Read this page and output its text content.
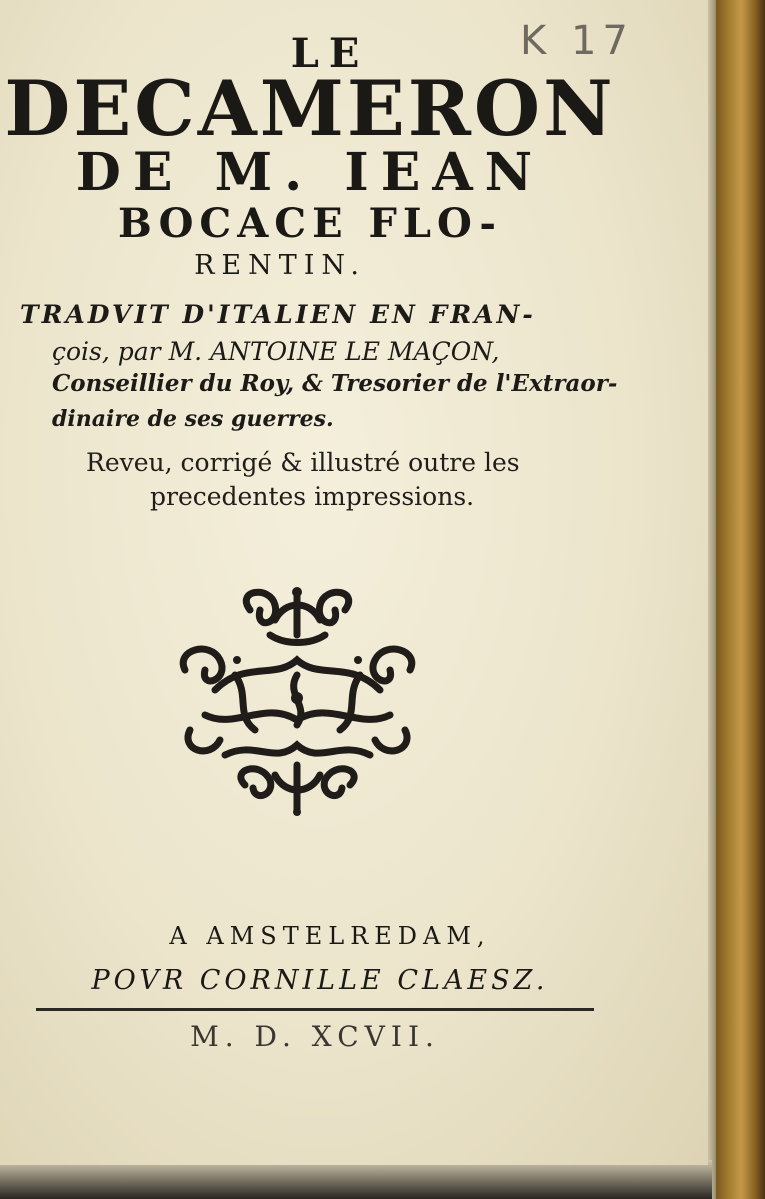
K 17
LE
DECAMERON
DE M. IEAN
BOCACE FLO-
RENTIN.
TRADVIT D'ITALIEN EN FRAN-
çois, par M. ANTOINE LE MAÇON,
Conseillier du Roy, & Tresorier de l'Extraor-
dinaire de ses guerres.
Reveu, corrigé & illustré outre les
precedentes impressions.
A AMSTELREDAM,
POVR CORNILLE CLAESZ.
M. D. XCVII.
